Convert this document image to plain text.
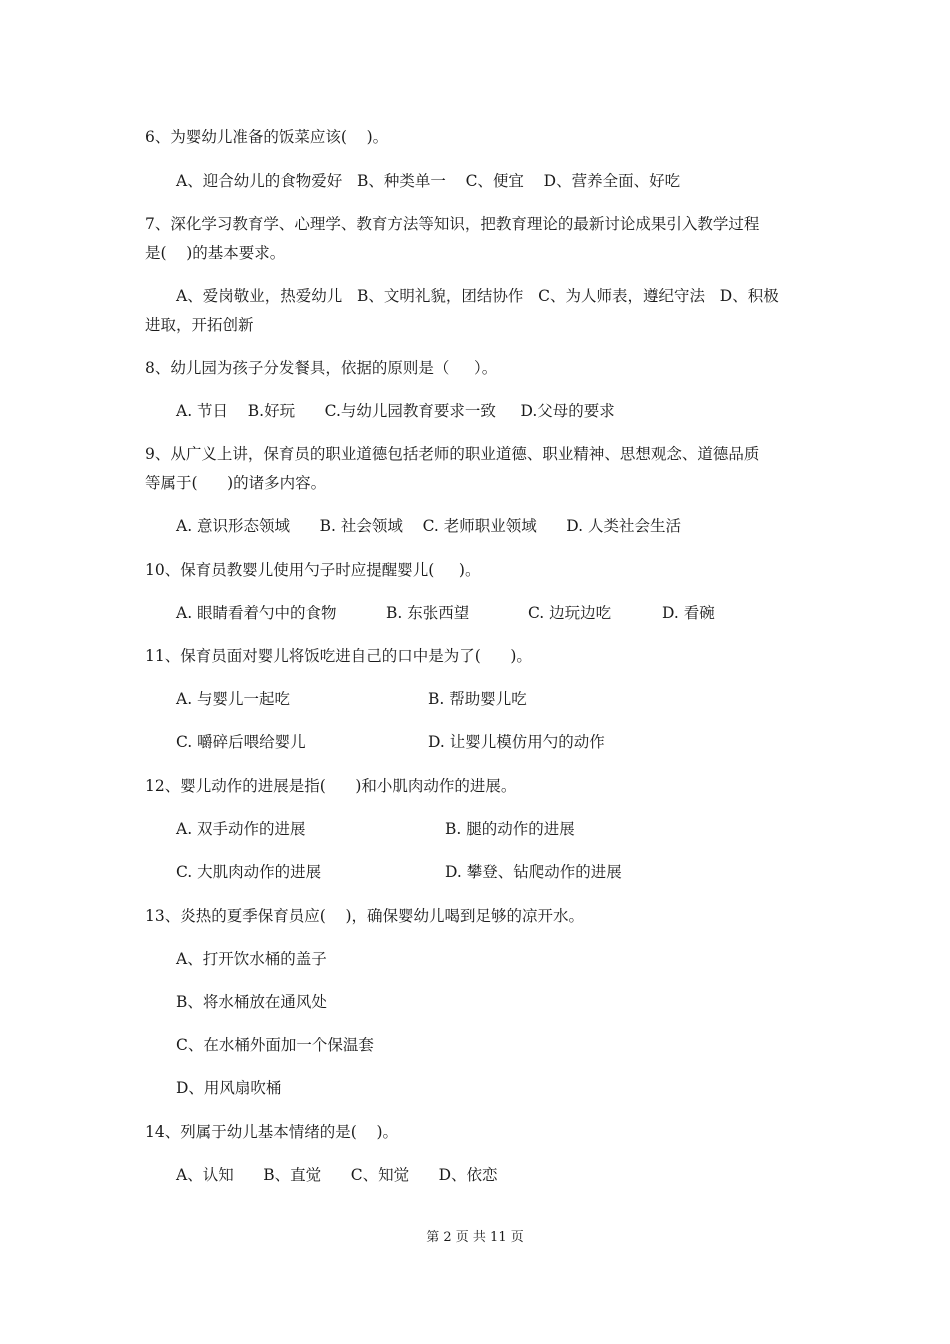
6、为婴幼儿准备的饭菜应该(    )。
A、迎合幼儿的食物爱好   B、种类单一    C、便宜    D、营养全面、好吃
7、深化学习教育学、心理学、教育方法等知识，把教育理论的最新讨论成果引入教学过程
是(    )的基本要求。
A、爱岗敬业，热爱幼儿   B、文明礼貌，团结协作   C、为人师表，遵纪守法   D、积极
进取，开拓创新
8、幼儿园为孩子分发餐具，依据的原则是（     ）。
A. 节日    B.好玩      C.与幼儿园教育要求一致     D.父母的要求
9、从广义上讲，保育员的职业道德包括老师的职业道德、职业精神、思想观念、道德品质
等属于(      )的诸多内容。
A. 意识形态领域      B. 社会领域    C. 老师职业领域      D. 人类社会生活
10、保育员教婴儿使用勺子时应提醒婴儿(     )。
A. 眼睛看着勺中的食物	B. 东张西望	C. 边玩边吃	D. 看碗
11、保育员面对婴儿将饭吃进自己的口中是为了(      )。
A. 与婴儿一起吃	B. 帮助婴儿吃
C. 嚼碎后喂给婴儿	D. 让婴儿模仿用勺的动作
12、婴儿动作的进展是指(      )和小肌肉动作的进展。
A. 双手动作的进展	B. 腿的动作的进展
C. 大肌肉动作的进展	D. 攀登、钻爬动作的进展
13、炎热的夏季保育员应(    )，确保婴幼儿喝到足够的凉开水。
A、打开饮水桶的盖子
B、将水桶放在通风处
C、在水桶外面加一个保温套
D、用风扇吹桶
14、列属于幼儿基本情绪的是(    )。
A、认知      B、直觉      C、知觉      D、依恋
第 2 页 共 11 页
